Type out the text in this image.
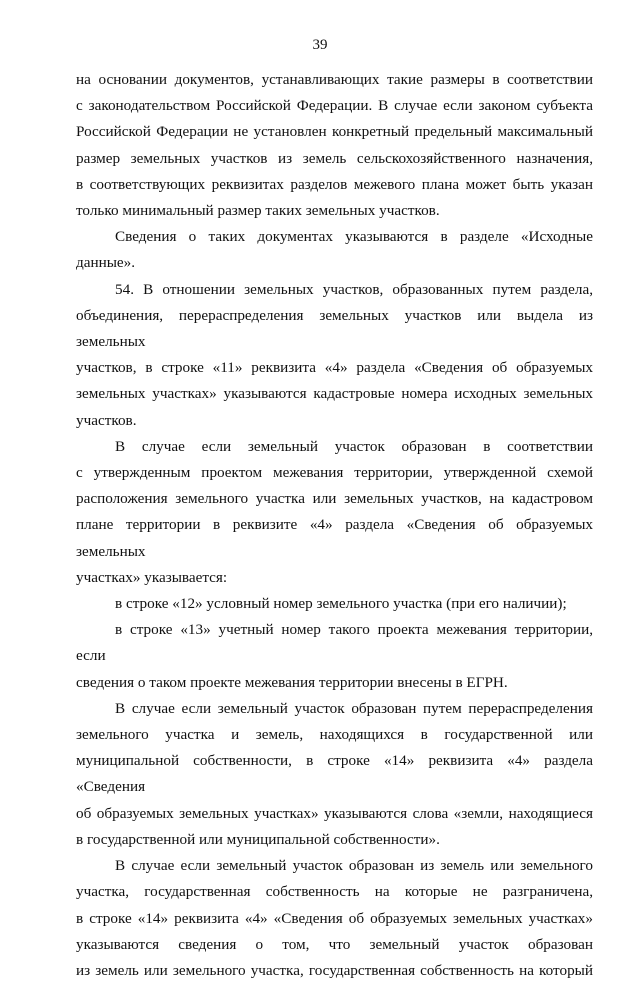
39

на основании документов, устанавливающих такие размеры в соответствии

с законодательством Российской Федерации. В случае если законом субъекта

Российской Федерации не установлен конкретный предельный максимальный

размер земельных участков из земель сельскохозяйственного назначения,

в соответствующих реквизитах разделов межевого плана может быть указан

только минимальный размер таких земельных участков.

Сведения о таких документах указываются в разделе «Исходные данные».

54. В отношении земельных участков, образованных путем раздела,

объединения, перераспределения земельных участков или выдела из земельных

участков, в строке «11» реквизита «4» раздела «Сведения об образуемых

земельных участках» указываются кадастровые номера исходных земельных

участков.

В случае если земельный участок образован в соответствии

с утвержденным проектом межевания территории, утвержденной схемой

расположения земельного участка или земельных участков, на кадастровом

плане территории в реквизите «4» раздела «Сведения об образуемых земельных

участках» указывается:

в строке «12» условный номер земельного участка (при его наличии);

в строке «13» учетный номер такого проекта межевания территории, если

сведения о таком проекте межевания территории внесены в ЕГРН.

В случае если земельный участок образован путем перераспределения

земельного участка и земель, находящихся в государственной или

муниципальной собственности, в строке «14» реквизита «4» раздела «Сведения

об образуемых земельных участках» указываются слова «земли, находящиеся

в государственной или муниципальной собственности».

В случае если земельный участок образован из земель или земельного

участка, государственная собственность на которые не разграничена,

в строке «14» реквизита «4» «Сведения об образуемых земельных участках»

указываются сведения о том, что земельный участок образован

из земель или земельного участка, государственная собственность на который
